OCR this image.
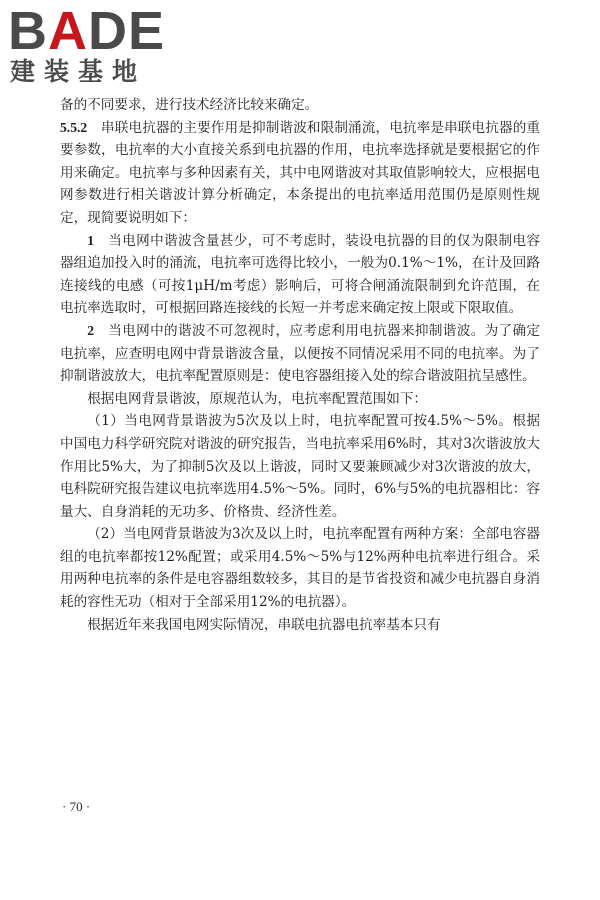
BADE
建装基地

备的不同要求，进行技术经济比较来确定。

5.5.2　 串联电抗器的主要作用是抑制谐波和限制涌流，电抗率是串联电抗器的重要参数，电抗率的大小直接关系到电抗器的作用，电抗率选择就是要根据它的作用来确定。电抗率与多种因素有关，其中电网谐波对其取值影响较大，应根据电网参数进行相关谐波计算分析确定，本条提出的电抗率适用范围仍是原则性规定，现简要说明如下：

1　 当电网中谐波含量甚少，可不考虑时，装设电抗器的目的仅为限制电容器组追加投入时的涌流，电抗率可选得比较小，一般为0.1%～1%，在计及回路连接线的电感（可按1μH/m考虑）影响后，可将合闸涌流限制到允许范围，在电抗率选取时，可根据回路连接线的长短一并考虑来确定按上限或下限取值。

2　 当电网中的谐波不可忽视时，应考虑利用电抗器来抑制谐波。为了确定电抗率，应查明电网中背景谐波含量，以便按不同情况采用不同的电抗率。为了抑制谐波放大，电抗率配置原则是：使电容器组接入处的综合谐波阻抗呈感性。

根据电网背景谐波，原规范认为，电抗率配置范围如下：

（1）当电网背景谐波为5次及以上时，电抗率配置可按4.5%～5%。根据中国电力科学研究院对谐波的研究报告，当电抗率采用6%时，其对3次谐波放大作用比5%大，为了抑制5次及以上谐波，同时又要兼顾减少对3次谐波的放大，电科院研究报告建议电抗率选用4.5%～5%。同时，6%与5%的电抗器相比：容量大、自身消耗的无功多、价格贵、经济性差。

（2）当电网背景谐波为3次及以上时，电抗率配置有两种方案：全部电容器组的电抗率都按12%配置；或采用4.5%～5%与12%两种电抗率进行组合。采用两种电抗率的条件是电容器组数较多，其目的是节省投资和减少电抗器自身消耗的容性无功（相对于全部采用12%的电抗器）。

根据近年来我国电网实际情况，串联电抗器电抗率基本只有

· 70 ·
